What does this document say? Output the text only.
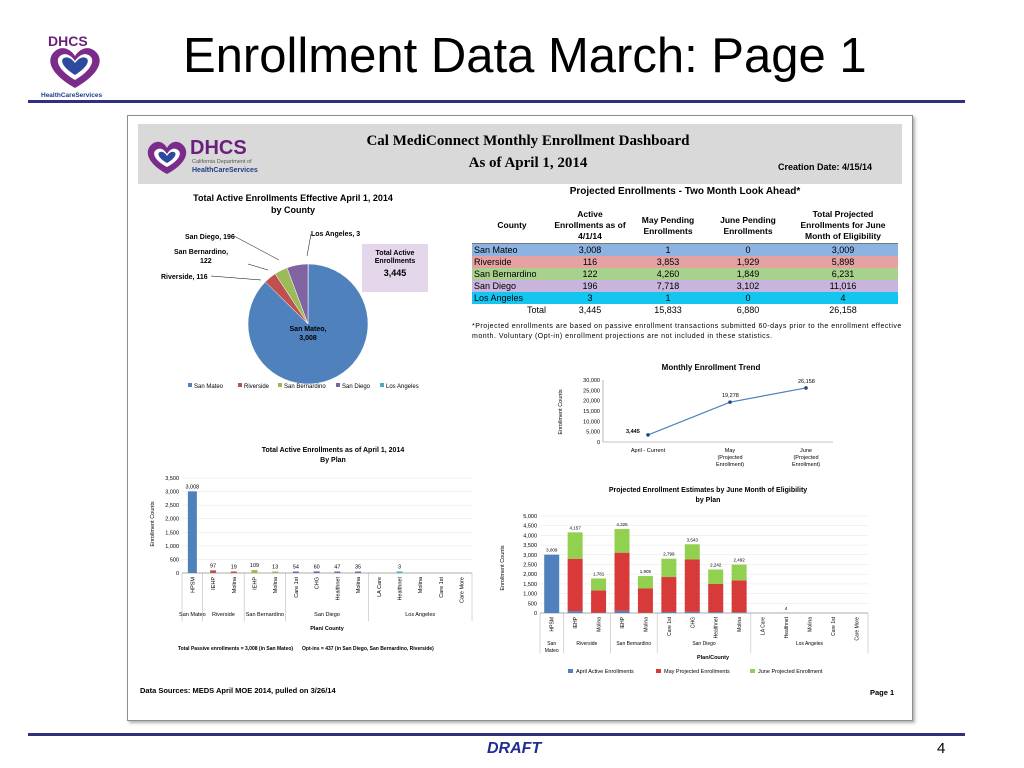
DHCS
HealthCareServices
Enrollment Data March: Page 1
DHCS
California Department of
HealthCareServices
Cal MediConnect Monthly Enrollment Dashboard
As of April 1, 2014	Creation Date: 4/15/14
Total Active Enrollments Effective April 1, 2014
by County
San Diego, 196	Los Angeles, 3
San Bernardino,
122
Riverside, 116
San Mateo,
3,008
Total Active Enrollments
3,445
San Mateo	Riverside San Bernardino	San Diego	Los Angeles
Projected Enrollments - Two Month Look Ahead*
County	Active Enrollments as of 4/1/14	May Pending Enrollments	June Pending Enrollments	Total Projected Enrollments for June Month of Eligibility
San Mateo	3,008	1	0	3,009
Riverside	116	3,853	1,929	5,898
San Bernardino	122	4,260	1,849	6,231
San Diego	196	7,718	3,102	11,016
Los Angeles	3	1	0	4
Total	3,445	15,833	6,880	26,158
*Projected enrollments are based on passive enrollment transactions submitted 60-days prior to the enrollment effective month. Voluntary (Opt-in) enrollment projections are not included in these statistics.
Monthly Enrollment Trend
Enrollment Counts
30,000
25,000
20,000
15,000
10,000
5,000
0
April - Current	May
(Projected
Enrollment)
June
(Projected
Enrollment)
3,445
19,278
26,158
Total Active Enrollments as of April 1, 2014
By Plan
Enrollment Counts
3,500
3,000
2,500
2,000
1,500
1,000
500
0
3,008
HPSM
97
IEHP
19
Molina
109
IEHP
13
Molina
54
Care 1st
60
CHG
47
Healthnet
35
Molina	LA Care
3
Healthnet	Molina	Care 1st	Care More
San Mateo Riverside San Bernardino	San Diego	Los Angeles
Plan/ County
Total Passive enrollments = 3,008 (in San Mateo) Opt-ins = 437 (in San Diego, San Bernardino, Riverside)
Projected Enrollment Estimates by June Month of Eligibility
by Plan
Enrollment Counts
5,000
4,500
4,000
3,500
3,000
2,500
2,000
1,500
1,000
500
0
3,009
HPSM
4,157
IEHP
1,781
Molina
4,326
IEHP
1,905
Molina
2,799
Care 1st
3,543
CHG
2,242
Healthnet
2,492
Molina	LA Care
4
Healthnet	Molina	Care 1st	Care More
San
Mateo
Riverside	San Bernardino	San Diego	Los Angeles
Plan/County
April Active Enrollments	May Projected Enrollments	June Projected Enrollment
Data Sources: MEDS April MOE 2014, pulled on 3/26/14	Page 1
DRAFT	4
